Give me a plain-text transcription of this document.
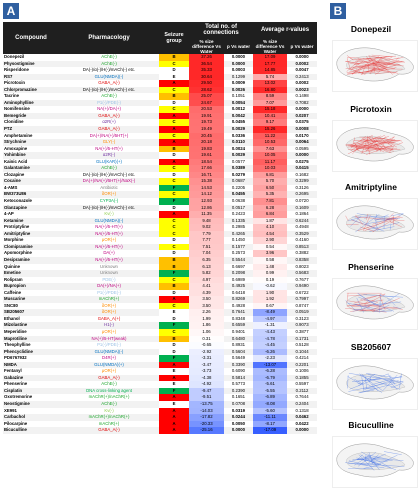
A
Compound	Pharmacology	Seizure group	Total no. of connections		Average r-values	
			% size difference Vs Water	p Vs water	% size difference Vs Water	p Vs water
Donepezil	AChE(-)	B	37.26	0.0000	17.09	0.0000
Physostigmine	AChE(-)	C	36.54	0.0000	17.77	0.0002
Risperidone	DA(-)/α(-)/H(-)/mACh(-) etc.	D	35.33	0.0003	14.85	0.0047
RS7	GLU(NMDA)(-)	E	30.64	0.1299	5.74	0.2413
Picrotoxin	GABA_A(-)	A	29.50	0.0009	13.02	0.0002
Chlorpromazine	DA(-)/α(-)/H(-)/mACh(-) etc.	C	28.62	0.0026	16.80	0.0023
Tacrine	AChE(-)	B	25.07	0.1051	8.59	0.1498
Aminophylline	P1(-)/PDE(-)	D	24.67	0.0054	7.07	0.7082
Nomifensine	NA(+)/DA(+)	C	20.53	0.0012	15.18	0.0000
Bemegride	GABA_A(-)	A	19.91	0.0042	10.41	0.0207
Clonidine	α2R(+)	C	19.73	0.0455	9.17	0.0375
PTZ	GABA_A(-)	A	19.49	0.0029	15.26	0.0008
Amphetamine	DA(+)/NA(+)/5HT(+)	C	20.45	0.0336	11.22	0.0170
Strychnine	GLY(-)	A	20.18	0.0110	10.53	0.0064
Amoxapine	NA(+)/5-HT(+)	B	19.83	0.0024	7.63	0.0595
Yohimbine	α2R(-)	D	19.61	0.0029	10.05	0.0000
Kainic Acid	GLU(KAR)(+)	A	18.54	0.0577	11.17	0.0275
Galantamine	AChE(-)	C	17.66	0.0389	10.03	0.0415
Clozapine	DA(-)/α(-)/H(-)/mACh(-) etc.	D	16.71	0.0279	6.81	0.1682
Cocaine	DA(+)/NA(+)/5HT(+)/NaX(-)	C	15.38	0.0687	5.70	0.3299
4-AMS	Antibiotic	F	14.53	0.2205	6.50	0.3126
BW373U86	δOR(+)	C	14.12	0.0455	5.35	0.2695
Ketoconazole	CYP3A(-)	F	12.93	0.0638	7.81	0.0720
Olanzapine	DA(-)/α(-)/H(-)/mACh(-) etc.	D	12.86	0.0517	6.28	0.1609
4-AP	Kv(-)	A	11.35	0.2423	6.84	0.1864
Ketamine	GLU(NMDA)(-)	C	9.48	0.1335	1.87	0.6244
Protriptyline	NA(+)/5-HT(+)	C	9.02	0.2985	4.10	0.4948
Amitriptyline	NA(+)/5-HT(+)	C	7.79	0.4265	4.54	0.3529
Morphine	μOR(+)	D	7.77	0.1450	2.90	0.4160
Clomipramine	NA(+)/5-HT(+)	C	7.51	0.1577	0.54	0.8513
Apomorphine	DA(+)	D	7.04	0.2573	3.96	0.3882
Desipramine	NA(+)/5-HT(+)	B	6.35	0.5544	0.58	0.8358
Quinine	Unknown	B	6.13	0.6697	1.48	0.8023
Emetine	Unknown	F	5.82	0.2098	0.99	0.5683
Rolipram	PDE(-)	C	4.97	0.6989	0.19	0.7677
Bupropion	DA(+)/NA(+)	B	4.41	0.4925	-0.62	0.9490
Caffeine	P1(-)/PDE(-)	D	4.39	0.6418	1.90	0.6722
Muscarine	mAChR(+)	A	3.50	0.8269	1.92	0.7997
SNC80	δOR(+)	C	3.50	0.4928	0.67	0.8747
SB205607	δOR(+)	E	2.26	0.7641	-8.49	0.0519
Ethanol	GABA_A(+)	D	1.99	0.8348	-4.97	0.3123
Mizolastine	H1(-)	F	1.86	0.6559	-1.31	0.9073
Meperidine	μOR(+)	C	1.06	0.9401	-4.43	0.3877
Maprotiline	NA(+)/5-HT(weak)	B	0.31	0.6480	-4.78	0.1731
Theophylline	P1(-)/PDE(-)	D	-0.65	0.8931	-4.45	0.5128
Phencyclidine	GLU(NMDA)(-)	D	-2.92	0.5604	-6.26	0.1044
PD6767932	D4R(+)	F	-3.31	0.5649	-2.23	0.4214
NMDA	GLU(NMDA)(+)	A	-3.47	0.3390	-13.07	0.2201
Fentanyl	μOR(+)	E	-3.73	0.6090	-6.28	0.1006
Gabazine	GABA_A(-)	A	-4.38	0.5814	-6.79	0.1855
Phenserine	AChE(-)	E	-4.92	0.5773	-5.61	0.5597
Cisplatin	DNA cross-linking agent	F	-9.47	0.2390	-5.55	0.2112
Oxotremorine	mAChR(+)/nAChR(+)	A	-9.51	0.1651	-6.89	0.7644
Neostigmine	AChE(-)	E	-13.75	0.0708	-8.08	0.2404
XE991	Kv(-)	A	-14.03	0.0319	-5.60	0.1318
Carbachol	mAChR(+)/nAChR(+)	A	-17.82	0.0244	-11.11	0.0462
Pilocarpine	mAChR(+)	A	-20.33	0.0050	-8.17	0.0422
Bicuculline	GABA_A(-)	A	-25.16	0.0000	-17.09	0.0000
B
Donepezil
Picrotoxin
Amitriptyline
Phenserine
SB205607
Bicuculline
